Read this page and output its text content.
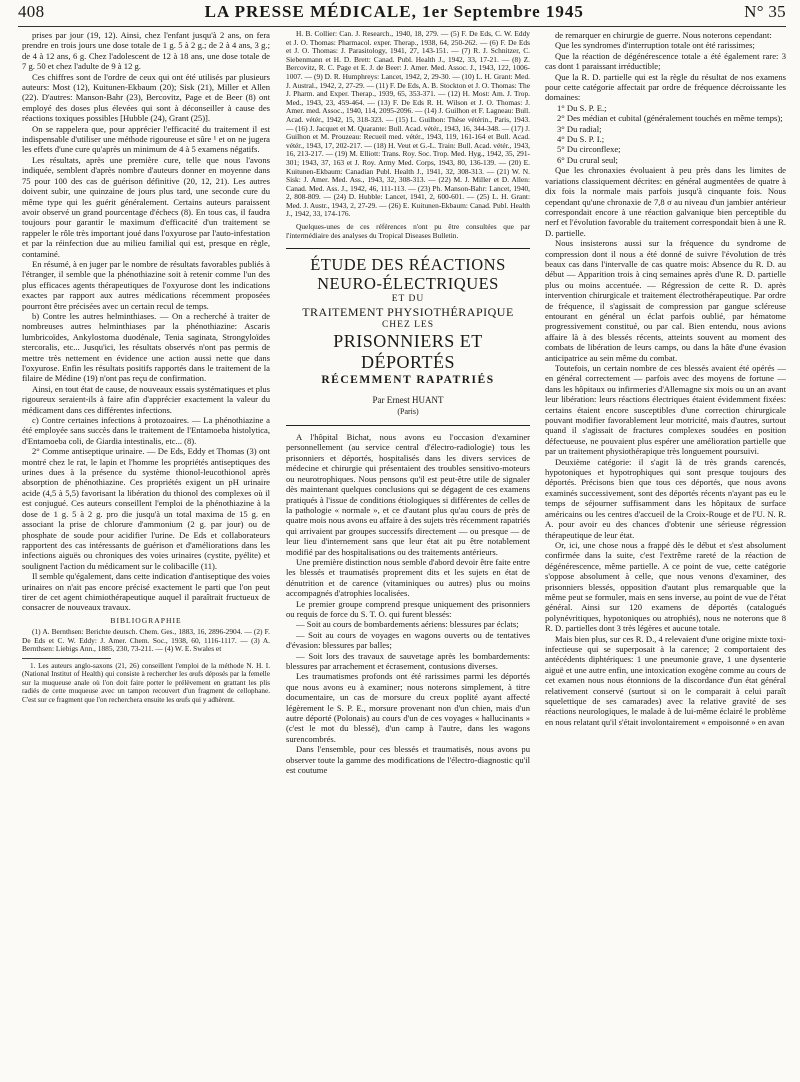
408	LA PRESSE MÉDICALE, 1er Septembre 1945	N° 35

prises par jour (19, 12). Ainsi, chez l'enfant jusqu'à 2 ans, on fera prendre en trois jours une dose totale de 1 g. 5 à 2 g.; de 2 à 4 ans, 3 g.; de 4 à 12 ans, 6 g. Chez l'adolescent de 12 à 18 ans, une dose totale de 7 g. 50 et chez l'adulte de 9 à 12 g.

Ces chiffres sont de l'ordre de ceux qui ont été utilisés par plusieurs auteurs: Most (12), Kuitunen-Ekbaum (20); Sisk (21), Miller et Allen (22). D'autres: Manson-Bahr (23), Bercovitz, Page et de Beer (8) ont employé des doses plus élevées qui sont à déconseiller à cause des réactions toxiques possibles [Hubble (24), Grant (25)].

On se rappelera que, pour apprécier l'efficacité du traitement il est indispensable d'utiliser une méthode rigoureuse et sûre ¹ et on ne jugera les effets d'une cure qu'après un minimum de 4 à 5 examens négatifs.

Les résultats, après une première cure, telle que nous l'avons indiquée, semblent d'après nombre d'auteurs donner en moyenne dans 75 pour 100 des cas de guérison définitive (20, 12, 21). Les autres doivent subir, une quinzaine de jours plus tard, une seconde cure du même type qui les guérit généralement. Certains auteurs paraissent avoir observé un grand pourcentage d'échecs (8). En tous cas, il faudra toujours pour garantir le maximum d'efficacité d'un traitement se rappeler le rôle très important joué dans l'oxyurose par l'auto-infestation et par la réinfection due au milieu familial qui est, presque en règle, contaminé.

En résumé, à en juger par le nombre de résultats favorables publiés à l'étranger, il semble que la phénothiazine soit à retenir comme l'un des plus efficaces agents thérapeutiques de l'oxyurose dont les indications exactes par rapport aux autres médications récemment proposées pourront être précisées avec un certain recul de temps.

b) Contre les autres helminthiases. — On a recherché à traiter de nombreuses autres helminthiases par la phénothiazine: Ascaris lumbricoïdes, Ankylostoma duodénale, Tenia saginata, Strongyloïdes stercoralis, etc... Jusqu'ici, les résultats observés n'ont pas permis de mettre très nettement en évidence une action aussi nette que dans l'oxyurose. Enfin les résultats positifs rapportés dans le traitement de la filaire de Médine (19) n'ont pas reçu de confirmation.

Ainsi, en tout état de cause, de nouveaux essais systématiques et plus rigoureux seraient-ils à faire afin d'apprécier exactement la valeur du médicament dans ces différentes infections.

c) Contre certaines infections à protozoaires. — La phénothiazine a été employée sans succès dans le traitement de l'Entamoeba histolytica, d'Entamoeba coli, de Giardia intestinalis, etc... (8).

2° Comme antiseptique urinaire. — De Eds, Eddy et Thomas (3) ont montré chez le rat, le lapin et l'homme les propriétés antiseptiques des urines dues à la présence du système thionol-leucothionol après absorption de phénothiazine. Ces propriétés exigent un pH urinaire acide (4,5 à 5,5) favorisant la libération du thionol des complexes où il est conjugué. Ces auteurs conseillent l'emploi de la phénothiazine à la dose de 1 g. 5 à 2 g. pro die jusqu'à un total maxima de 15 g. en associant la prise de chlorure d'ammonium (2 g. par jour) ou de phosphate de soude pour acidifier l'urine. De Eds et collaborateurs rapportent des cas intéressants de guérison et d'améliorations dans les infections aiguës ou chroniques des voies urinaires (cystite, pyélite) et soulignent l'action du médicament sur le colibacille (11).

Il semble qu'également, dans cette indication d'antiseptique des voies urinaires on n'ait pas encore précisé exactement le parti que l'on peut tirer de cet agent chimiothérapeutique auquel il paraîtrait fructueux de consacrer de nouveaux travaux.

BIBLIOGRAPHIE

(1) A. Bernthsen: Berichte deutsch. Chem. Ges., 1883, 16, 2896-2904. — (2) F. De Eds et C. W. Eddy: J. Amer. Chem. Soc., 1938, 60, 1116-1117. — (3) A. Bernthsen: Liebigs Ann., 1885, 230, 73-211. — (4) W. E. Swales et

1. Les auteurs anglo-saxons (21, 26) conseillent l'emploi de la méthode N. H. I. (National Institut of Health) qui consiste à rechercher les œufs déposés par la femelle sur la muqueuse anale où l'on doit faire porter le prélèvement en grattant les plis radiés de cette muqueuse avec un tampon recouvert d'un fragment de cellophane. C'est sur ce fragment que l'on recherchera ensuite les œufs qui y adhèrent.

H. B. Collier: Can. J. Research., 1940, 18, 279. — (5) F. De Eds, C. W. Eddy et J. O. Thomas: Pharmacol. exper. Therap., 1938, 64, 250-262. — (6) F. De Eds et J. O. Thomas: J. Parasitology, 1941, 27, 143-151. — (7) R. J. Schnitzer, C. Siebenmann et H. D. Brett: Canad. Publ. Health J., 1942, 33, 17-21. — (8) Z. Bercovitz, R. C. Page et E. J. de Beer: J. Amer. Med. Assoc. J., 1943, 122, 1006-1007. — (9) D. R. Humphreys: Lancet, 1942, 2, 29-30. — (10) L. H. Grant: Med. J. Austral., 1942, 2, 27-29. — (11) F. De Eds, A. B. Stockton et J. O. Thomas: The J. Pharm. and Exper. Therap., 1939, 65, 353-371. — (12) H. Most: Am. J. Trop. Med., 1943, 23, 459-464. — (13) F. De Eds R. H. Wilson et J. O. Thomas: J. Amer. med. Assoc., 1940, 114, 2095-2096. — (14) J. Guilhon et F. Lagneau: Bull. Acad. vétér., 1942, 15, 318-323. — (15) L. Guilhon: Thèse vétérin., Paris, 1943. — (16) J. Jacquet et M. Quarante: Bull. Acad. vétér., 1943, 16, 344-348. — (17) J. Guilhon et M. Prouzeau: Recueil med. vétér., 1943, 119, 161-164 et Bull. Acad. vétér., 1943, 17, 202-217. — (18) H. Veut et G.-L. Train: Bull. Acad. vétér., 1943, 16, 213-217. — (19) M. Elliott: Trans. Roy. Soc. Trop. Med. Hyg., 1942, 35, 291-301; 1943, 37, 163 et J. Roy. Army Med. Corps, 1943, 80, 136-139. — (20) E. Kuitunen-Ekbaum: Canadian Publ. Health J., 1941, 32, 308-313. — (21) W. N. Sisk: J. Amer. Med. Ass., 1943, 32, 308-313. — (22) M. J. Miller et D. Allen: Canad. Med. Ass. J., 1942, 46, 111-113. — (23) Ph. Manson-Bahr: Lancet, 1940, 2, 808-809. — (24) D. Hubble: Lancet, 1941, 2, 600-601. — (25) L. H. Grant: Med. J. Austr., 1943, 2, 27-29. — (26) E. Kuitunen-Ekbaum: Canad. Publ. Health J., 1942, 33, 174-176.

Quelques-unes de ces références n'ont pu être consultées que par l'intermédiaire des analyses du Tropical Diseases Bulletin.

ÉTUDE DES RÉACTIONS
NEURO-ÉLECTRIQUES
ET DU
TRAITEMENT PHYSIOTHÉRAPIQUE
CHEZ LES
PRISONNIERS ET DÉPORTÉS
RÉCEMMENT RAPATRIÉS
Par Ernest HUANT
(Paris)

A l'hôpital Bichat, nous avons eu l'occasion d'examiner personnellement (au service central d'électro-radiologie) tous les prisonniers et déportés, hospitalisés dans les divers services de médecine et chirurgie qui présentaient des troubles sensitivo-moteurs ou neurotrophiques. Nous pensons qu'il est peut-être utile de signaler dès maintenant quelques conclusions qui se dégagent de ces examens pratiqués à l'issue de conditions étiologiques si différentes de celles de la pathologie « normale », et ce d'autant plus qu'au cours de près de quatre mois nous avons eu affaire à des sujets très récemment rapatriés qui arrivaient par groupes successifs directement — ou presque — de leur lieu d'internement sans que leur état ait pu être notablement modifié par des hospitalisations ou des traitements antérieurs.

Une première distinction nous semble d'abord devoir être faite entre les blessés et traumatisés proprement dits et les sujets en état de dénutrition et de carence (vitaminiques ou autres) plus ou moins accompagnés d'atrophies localisées.

Le premier groupe comprend presque uniquement des prisonniers ou requis de force du S. T. O. qui furent blessés:

— Soit au cours de bombardements aériens: blessures par éclats;

— Soit au cours de voyages en wagons ouverts ou de tentatives d'évasion: blessures par balles;

— Soit lors des travaux de sauvetage après les bombardements: blessures par arrachement et écrasement, contusions diverses.

Les traumatismes profonds ont été rarissimes parmi les déportés que nous avons eu à examiner; nous noterons simplement, à titre documentaire, un cas de morsure du creux poplité ayant affecté légèrement le S. P. E., morsure provenant non d'un chien, mais d'un autre déporté (Polonais) au cours d'un de ces voyages « hallucinants » (c'est le mot du blessé), d'un camp à l'autre, dans les wagons surencombrés.

Dans l'ensemble, pour ces blessés et traumatisés, nous avons pu observer toute la gamme des modifications de l'électro-diagnostic qu'il est coutume

de remarquer en chirurgie de guerre. Nous noterons cependant:

Que les syndromes d'interruption totale ont été rarissimes;

Que la réaction de dégénérescence totale a été également rare: 3 cas dont 1 paraissant irréductible;

Que la R. D. partielle qui est la règle du résultat de nos examens pour cette catégorie affectait par ordre de fréquence décroissante les domaines:

1° Du S. P. E.;

2° Des médian et cubital (généralement touchés en même temps);

3° Du radial;

4° Du S. P. I.;

5° Du circonflexe;

6° Du crural seul;

Que les chronaxies évoluaient à peu près dans les limites de variations classiquement décrites: en général augmentées de quatre à dix fois la normale mais parfois jusqu'à cinquante fois. Nous cependant qu'une chronaxie de 7,8 σ au niveau d'un jambier antérieur correspondait encore à une réaction galvanique bien perceptible du nerf et l'évolution favorable du traitement correspondait bien à une R. D. partielle.

Nous insisterons aussi sur la fréquence du syndrome de compression dont il nous a été donné de suivre l'évolution de très beaux cas dans l'intervalle de cas quatre mois: Absence du R. D. au début — Apparition trois à cinq semaines après d'une R. D. partielle plus ou moins accentuée. — Régression de cette R. D. après intervention chirurgicale et traitement électrothérapeutique. Par ordre de fréquence, il s'agissait de compression par gangue scléreuse entourant en général un éclat parfois oublié, par hématome progressivement constitué, ou par cal. Bien entendu, nous avions affaire là à des blessés récents, atteints souvent au moment des combats de libération de leurs camps, ou dans la hâte d'une évasion anticipatrice au sein même du combat.

Toutefois, un certain nombre de ces blessés avaient été opérés — en général correctement — parfois avec des moyens de fortune — dans les hôpitaux ou infirmeries d'Allemagne six mois ou un an avant leur libération: leurs réactions électriques étaient évidemment fixées: certains étaient encore susceptibles d'une correction chirurgicale pouvant modifier favorablement leur motricité, mais d'autres, surtout quand il s'agissait de fractures complexes soudées en position défectueuse, ne pouvaient plus espérer une amélioration partielle que par un traitement physiothérapique très longuement poursuivi.

Deuxième catégorie: il s'agit là de très grands carencés, hypotoniques et hypotrophiques qui sont presque toujours des déportés. Précisons bien que tous ces déportés, que nous avons examinés successivement, sont des déportés récents n'ayant pas eu le temps de séjourner suffisamment dans les hôpitaux de surface américains ou les centres d'accueil de la Croix-Rouge et de l'U. N. R. A. pour avoir eu des chances d'obtenir une sérieuse régression thérapeutique de leur état.

Or, ici, une chose nous a frappé dès le début et s'est absolument confirmée dans la suite, c'est l'extrême rareté de la réaction de dégénérescence, même partielle. A ce point de vue, cette catégorie s'oppose absolument à celle, que nous venons d'examiner, des prisonniers blessés, opposition d'autant plus remarquable que la même peut se formuler, mais en sens inverse, au point de vue de l'état général. Ainsi sur 120 examens de déportés (catalogués polynévritiques, hypotoniques ou atrophiés), nous ne noterons que 8 R. D. partielles dont 3 très légères et aucune totale.

Mais bien plus, sur ces R. D., 4 relevaient d'une origine mixte toxi-infectieuse qui se superposait à la carence; 2 comportaient des antécédents diphtériques: 1 une pneumonie grave, 1 une dysenterie aiguë et une autre enfin, une intoxication exogène comme au cours de cet examen nous nous étonnions de la discordance d'un état général relativement conservé (surtout si on le comparait à celui paraît squelettique de ses camarades) avec la relative gravité de ses réactions neurologiques, le malade à de lui-même éclairé le problème en nous relatant qu'il s'était involontairement « empoisonné » en avan
